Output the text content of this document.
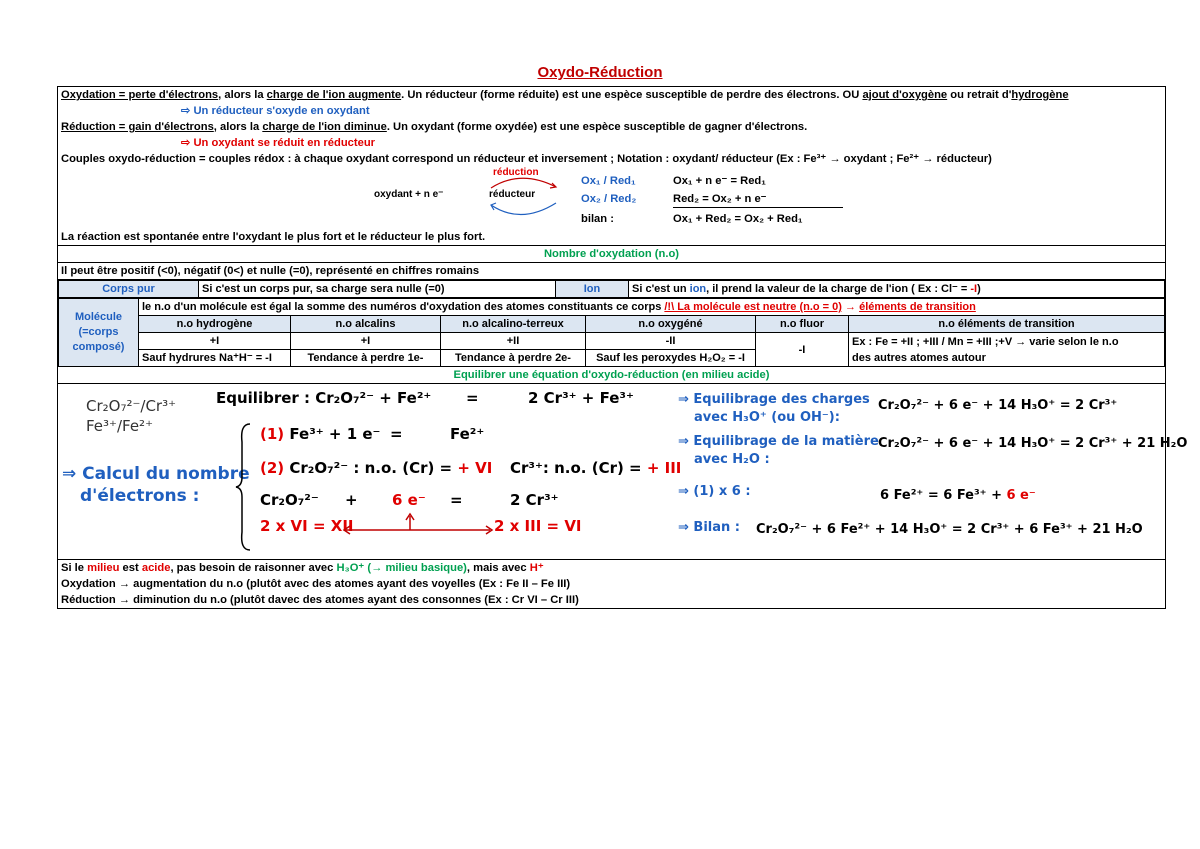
Oxydo-Réduction
Oxydation = perte d'électrons, alors la charge de l'ion augmente. Un réducteur (forme réduite) est une espèce susceptible de perdre des électrons. OU ajout d'oxygène ou retrait d'hydrogène
⇨ Un réducteur s'oxyde en oxydant
Réduction = gain d'électrons, alors la charge de l'ion diminue. Un oxydant (forme oxydée) est une espèce susceptible de gagner d'électrons.
⇨ Un oxydant se réduit en réducteur
Couples oxydo-réduction = couples rédox : à chaque oxydant correspond un réducteur et inversement ; Notation : oxydant/ réducteur (Ex : Fe³⁺ → oxydant ; Fe²⁺ → réducteur)
réduction
oxydant + n e⁻	réducteur
Ox₁ / Red₁	Ox₁ + n e⁻ = Red₁
Ox₂ / Red₂	Red₂ = Ox₂ + n e⁻
bilan :	Ox₁ + Red₂ = Ox₂ + Red₁
La réaction est spontanée entre l'oxydant le plus fort et le réducteur le plus fort.
Nombre d'oxydation (n.o)
Il peut être positif (<0), négatif (0<) et nulle (=0), représenté en chiffres romains
Corps pur	Si c'est un corps pur, sa charge sera nulle (=0)	Ion	Si c'est un ion, il prend la valeur de la charge de l'ion ( Ex : Cl⁻ = -I)
Molécule (=corps composé)	le n.o d'un molécule est égal la somme des numéros d'oxydation des atomes constituants ce corps /!\ La molécule est neutre (n.o = 0) → éléments de transition					
	n.o hydrogène	n.o alcalins	n.o alcalino-terreux	n.o oxygéné	n.o fluor	n.o éléments de transition
	+I	+I	+II	-II	-I	Ex : Fe = +II ; +III / Mn = +III ;+V → varie selon le n.o
des autres atomes autour

	Sauf hydrures Na⁺H⁻ = -I	Tendance à perdre 1e-	Tendance à perdre 2e-	Sauf les peroxydes H₂O₂ = -I		
Equilibrer une équation d'oxydo-réduction (en milieu acide)
Cr₂O₇²⁻/Cr³⁺
Fe³⁺/Fe²⁺
Equilibrer : Cr₂O₇²⁻ + Fe²⁺ =	2 Cr³⁺ + Fe³⁺
⇒ Calcul du nombre
d'électrons :
(1) Fe³⁺ + 1 e⁻ =	Fe²⁺
(2) Cr₂O₇²⁻ : n.o. (Cr) = + VI Cr³⁺: n.o. (Cr) = + III
Cr₂O₇²⁻ + 6 e⁻ =	2 Cr³⁺
2 x VI = XII	2 x III = VI
⇒ Equilibrage des charges
avec H₃O⁺ (ou OH⁻):
Cr₂O₇²⁻ + 6 e⁻ + 14 H₃O⁺ = 2 Cr³⁺
⇒ Equilibrage de la matière
avec H₂O :
Cr₂O₇²⁻ + 6 e⁻ + 14 H₃O⁺ = 2 Cr³⁺ + 21 H₂O
⇒ (1) x 6 :	6 Fe²⁺ = 6 Fe³⁺ + 6 e⁻
⇒ Bilan : Cr₂O₇²⁻ + 6 Fe²⁺ + 14 H₃O⁺ = 2 Cr³⁺ + 6 Fe³⁺ + 21 H₂O
Si le milieu est acide, pas besoin de raisonner avec H₃O⁺ (→ milieu basique), mais avec H⁺
Oxydation → augmentation du n.o (plutôt avec des atomes ayant des voyelles (Ex : Fe II – Fe III)
Réduction → diminution du n.o (plutôt davec des atomes ayant des consonnes (Ex : Cr VI – Cr III)
